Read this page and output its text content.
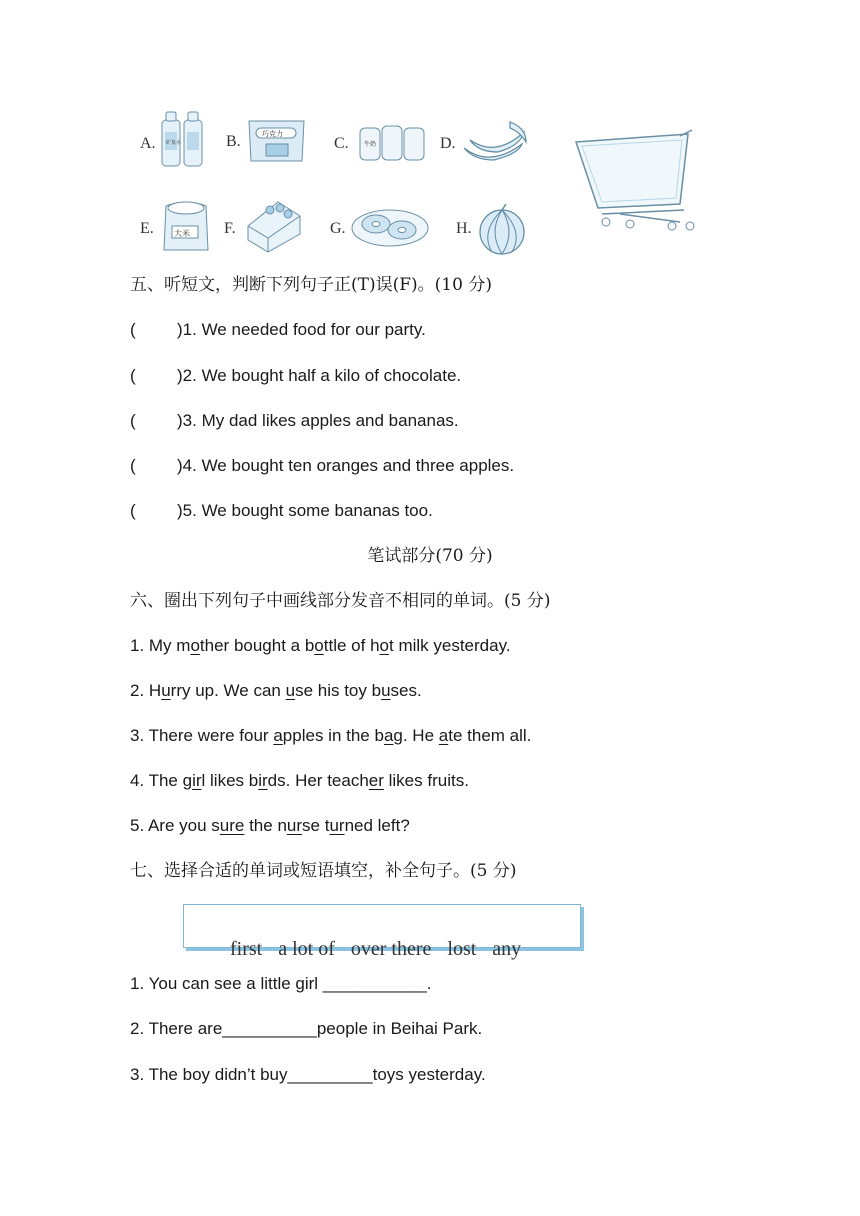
A. 矿泉水	B.	巧克力
C.	牛奶	D.
E.	大米 F.	G.	H.
五、听短文，判断下列句子正(T)误(F)。(10 分)
( )1. We needed food for our party.
( )2. We bought half a kilo of chocolate.
( )3. My dad likes apples and bananas.
( )4. We bought ten oranges and three apples.
( )5. We bought some bananas too.
笔试部分(70 分)
六、圈出下列句子中画线部分发音不相同的单词。(5 分)
1. My mother bought a bottle of hot milk yesterday.
2. Hurry up. We can use his toy buses.
3. There were four apples in the bag. He ate them all.
4. The girl likes birds. Her teacher likes fruits.
5. Are you sure the nurse turned left?
七、选择合适的单词或短语填空，补全句子。(5 分)

first a lot of over there lost any

1. You can see a little girl ___________.
2. There are__________people in Beihai Park.
3. The boy didn’t buy_________toys yesterday.
